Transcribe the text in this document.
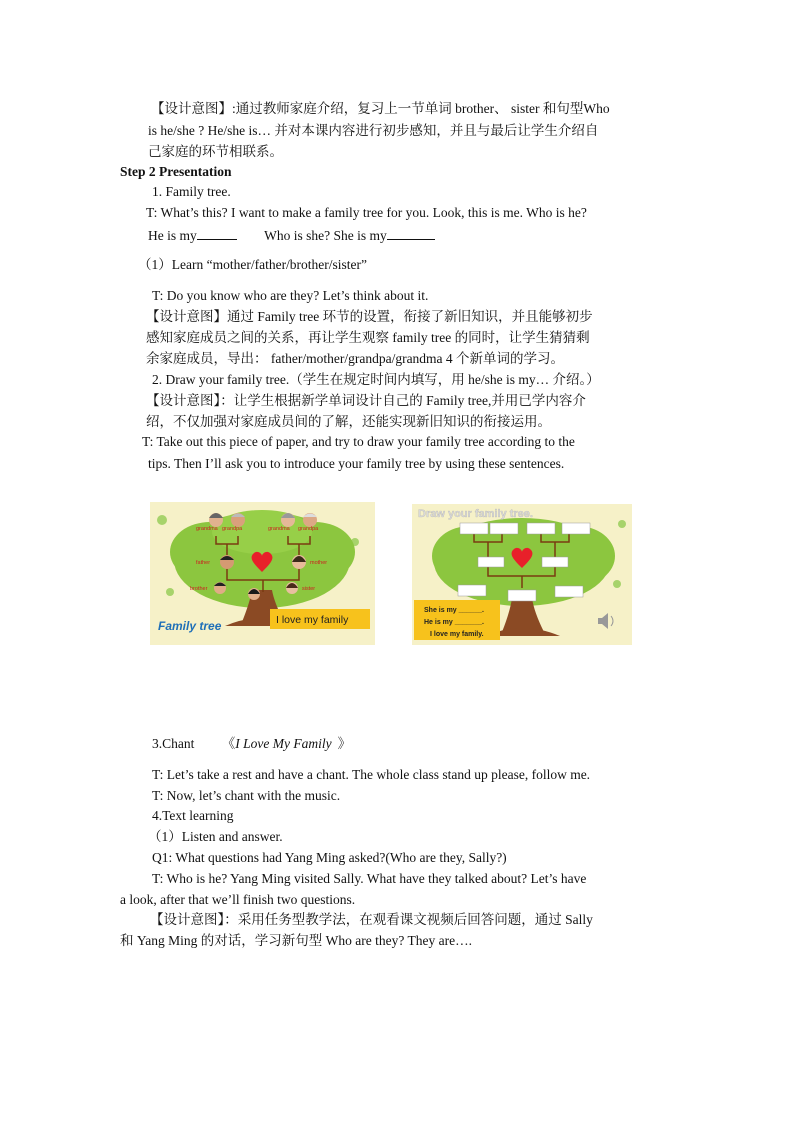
【设计意图】:通过教师家庭介绍，复习上一节单词 brother、 sister 和句型Who
is he/she ? He/she is… 并对本课内容进行初步感知，并且与最后让学生介绍自
己家庭的环节相联系。
Step 2 Presentation
1. Family tree.
T: What’s this? I want to make a family tree for you. Look, this is me. Who is he?
He is my	Who is she? She is my
（1）Learn “mother/father/brother/sister”
T: Do you know who are they? Let’s think about it.
【设计意图】通过 Family tree 环节的设置，衔接了新旧知识，并且能够初步
感知家庭成员之间的关系，再让学生观察 family tree 的同时，让学生猜猜剩
余家庭成员，导出： father/mother/grandpa/grandma 4 个新单词的学习。
2. Draw your family tree.（学生在规定时间内填写，用 he/she is my… 介绍。）
【设计意图】：让学生根据新学单词设计自己的 Family tree,并用已学内容介
绍，不仅加强对家庭成员间的了解，还能实现新旧知识的衔接运用。
T: Take out this piece of paper, and try to draw your family tree according to the
tips. Then I’ll ask you to introduce your family tree by using these sentences.
grandma grandpa	grandma grandpa
father	mother
brother	sister
I love my family
Family tree
Draw your family tree.
She is my ______.
He is my _______.
I love my family.
3.Chant 《I Love My Family 》
T: Let’s take a rest and have a chant. The whole class stand up please, follow me.
T: Now, let’s chant with the music.
4.Text learning
（1）Listen and answer.
Q1: What questions had Yang Ming asked?(Who are they, Sally?)
T: Who is he? Yang Ming visited Sally. What have they talked about? Let’s have
a look, after that we’ll finish two questions.
【设计意图】：采用任务型教学法，在观看课文视频后回答问题，通过 Sally
和 Yang Ming 的对话，学习新句型 Who are they? They are….
